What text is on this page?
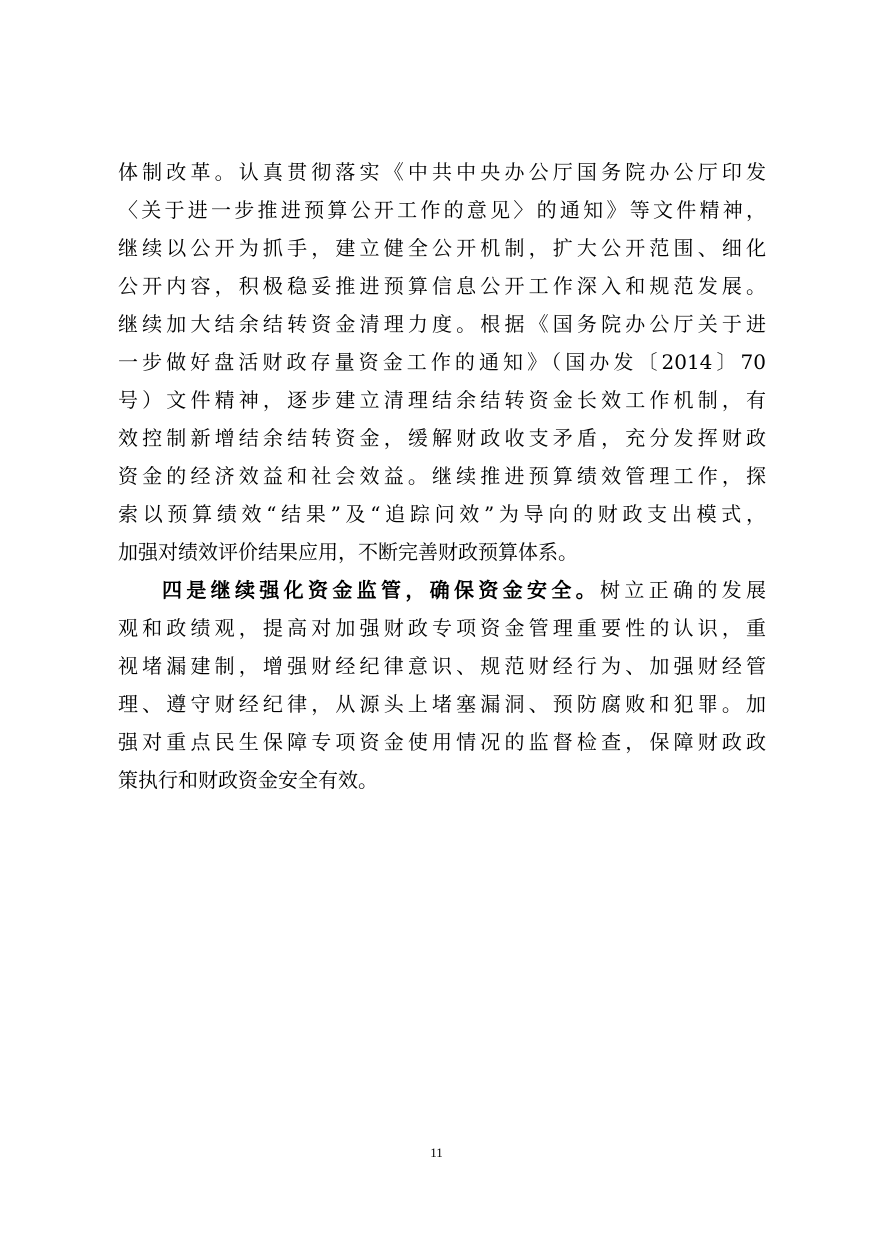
体制改革。认真贯彻落实《中共中央办公厅国务院办公厅印发
〈关于进一步推进预算公开工作的意见〉的通知》等文件精神，
继续以公开为抓手，建立健全公开机制，扩大公开范围、细化
公开内容，积极稳妥推进预算信息公开工作深入和规范发展。
继续加大结余结转资金清理力度。根据《国务院办公厅关于进
一步做好盘活财政存量资金工作的通知》（国办发〔2014〕70
号）文件精神，逐步建立清理结余结转资金长效工作机制，有
效控制新增结余结转资金，缓解财政收支矛盾，充分发挥财政
资金的经济效益和社会效益。继续推进预算绩效管理工作，探
索以预算绩效“结果”及“追踪问效”为导向的财政支出模式，
加强对绩效评价结果应用，不断完善财政预算体系。
四是继续强化资金监管，确保资金安全。树立正确的发展
观和政绩观，提高对加强财政专项资金管理重要性的认识，重
视堵漏建制，增强财经纪律意识、规范财经行为、加强财经管
理、遵守财经纪律，从源头上堵塞漏洞、预防腐败和犯罪。加
强对重点民生保障专项资金使用情况的监督检查，保障财政政
策执行和财政资金安全有效。
11
